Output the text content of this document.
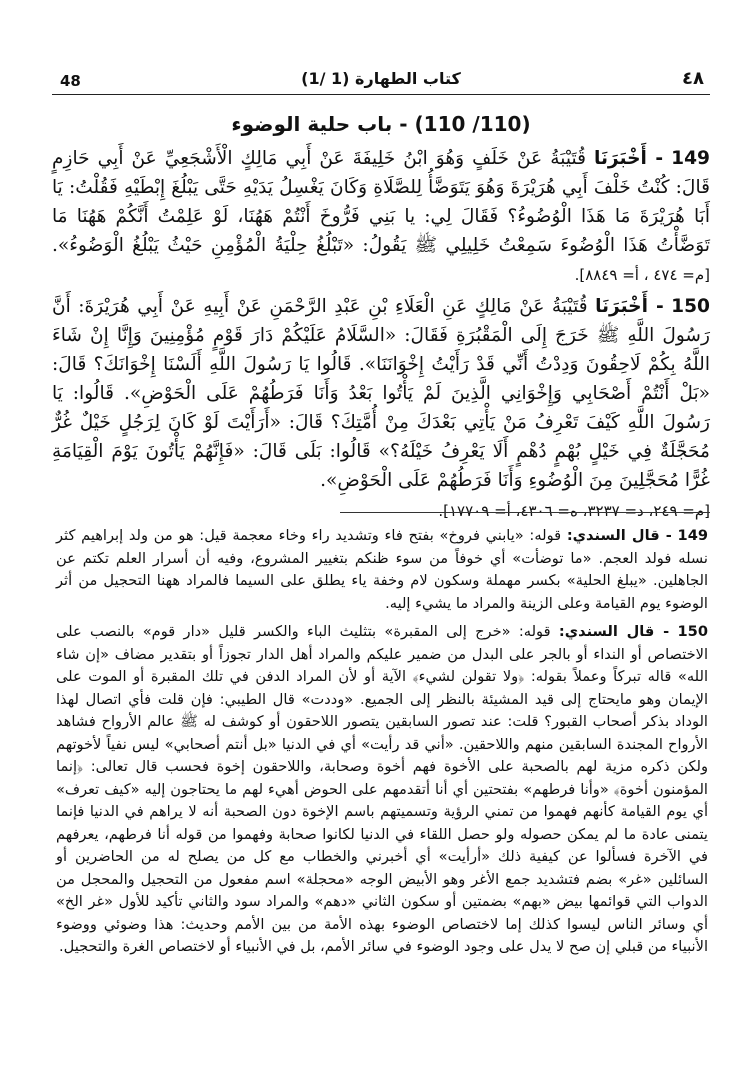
48	(1/ 1) كتاب الطهارة	٤٨
(110/ 110) - باب حلية الوضوء

149 - أَخْبَرَنَا قُتَيْبَةُ عَنْ خَلَفٍ وَهُوَ ابْنُ خَلِيفَةَ عَنْ أَبِي مَالِكٍ الْأَشْجَعِيِّ عَنْ أَبِي حَازِمٍ قَالَ: كُنْتُ خَلْفَ أَبِي هُرَيْرَةَ وَهُوَ يَتَوَضَّأُ لِلصَّلَاةِ وَكَانَ يَغْسِلُ يَدَيْهِ حَتَّى يَبْلُغَ إِبْطَيْهِ فَقُلْتُ: يَا أَبَا هُرَيْرَةَ مَا هَذَا الْوُضُوءُ؟ فَقَالَ لِي: يا بَنِي فَرُّوخَ أَنْتُمْ هَهُنَا، لَوْ عَلِمْتُ أَنَّكُمْ هَهُنَا مَا تَوَضَّأْتُ هَذَا الْوُضُوءَ سَمِعْتُ خَلِيلِي ﷺ يَقُولُ: «تَبْلُغُ حِلْيَةُ الْمُؤْمِنِ حَيْثُ يَبْلُغُ الْوَضُوءُ». [م= ٤٧٤ ، أ= ٨٨٤٩].

150 - أَخْبَرَنَا قُتَيْبَةُ عَنْ مَالِكٍ عَنِ الْعَلَاءِ بْنِ عَبْدِ الرَّحْمَنِ عَنْ أَبِيهِ عَنْ أَبِي هُرَيْرَةَ: أَنَّ رَسُولَ اللَّهِ ﷺ خَرَجَ إِلَى الْمَقْبُرَةِ فَقَالَ: «السَّلَامُ عَلَيْكُمْ دَارَ قَوْمٍ مُؤْمِنِينَ وَإِنَّا إِنْ شَاءَ اللَّهُ بِكُمْ لَاحِقُونَ وَدِدْتُ أَنِّي قَدْ رَأَيْتُ إِخْوَانَنَا». قَالُوا يَا رَسُولَ اللَّهِ أَلَسْنَا إِخْوَانَكَ؟ قَالَ: «بَلْ أَنْتُمْ أَصْحَابِي وَإِخْوَانِي الَّذِينَ لَمْ يَأْتُوا بَعْدُ وَأَنَا فَرَطُهُمْ عَلَى الْحَوْضِ». قَالُوا: يَا رَسُولَ اللَّهِ كَيْفَ تَعْرِفُ مَنْ يَأْتِي بَعْدَكَ مِنْ أُمَّتِكَ؟ قَالَ: «أَرَأَيْتَ لَوْ كَانَ لِرَجُلٍ خَيْلٌ غُرٌّ مُحَجَّلَةٌ فِي خَيْلٍ بُهْمٍ دُهْمٍ أَلَا يَعْرِفُ خَيْلَهُ؟» قَالُوا: بَلَى قَالَ: «فَإِنَّهُمْ يَأْتُونَ يَوْمَ الْقِيَامَةِ غُرًّا مُحَجَّلِينَ مِنَ الْوُضُوءِ وَأَنَا فَرَطُهُمْ عَلَى الْحَوْضِ».

[م= ٢٤٩، د= ٣٢٣٧، ه= ٤٣٠٦، أ= ١٧٧٠٩].

149 - قال السندي: قوله: «يابني فروخ» بفتح فاء وتشديد راء وخاء معجمة قيل: هو من ولد إبراهيم كثر نسله فولد العجم. «ما توضأت» أي خوفاً من سوء ظنكم بتغيير المشروع، وفيه أن أسرار العلم تكتم عن الجاهلين. «يبلغ الحلية» بكسر مهملة وسكون لام وخفة ياء يطلق على السيما فالمراد ههنا التحجيل من أثر الوضوء يوم القيامة وعلى الزينة والمراد ما يشيء إليه.

150 - قال السندي: قوله: «خرج إلى المقبرة» بتثليث الباء والكسر قليل «دار قوم» بالنصب على الاختصاص أو النداء أو بالجر على البدل من ضمير عليكم والمراد أهل الدار تجوزاً أو بتقدير مضاف «إن شاء الله» قاله تبركاً وعملاً بقوله: ﴿ولا تقولن لشيء﴾ الآية أو لأن المراد الدفن في تلك المقبرة أو الموت على الإيمان وهو مايحتاج إلى قيد المشيئة بالنظر إلى الجميع. «وددت» قال الطيبي: فإن قلت فأي اتصال لهذا الوداد بذكر أصحاب القبور؟ قلت: عند تصور السابقين يتصور اللاحقون أو كوشف له ﷺ عالم الأرواح فشاهد الأرواح المجندة السابقين منهم واللاحقين. «أني قد رأيت» أي في الدنيا «بل أنتم أصحابي» ليس نفياً لأخوتهم ولكن ذكره مزية لهم بالصحبة على الأخوة فهم أخوة وصحابة، واللاحقون إخوة فحسب قال تعالى: ﴿إنما المؤمنون أخوة﴾ «وأنا فرطهم» بفتحتين أي أنا أتقدمهم على الحوض أهيء لهم ما يحتاجون إليه «كيف تعرف» أي يوم القيامة كأنهم فهموا من تمني الرؤية وتسميتهم باسم الإخوة دون الصحبة أنه لا يراهم في الدنيا فإنما يتمنى عادة ما لم يمكن حصوله ولو حصل اللقاء في الدنيا لكانوا صحابة وفهموا من قوله أنا فرطهم، يعرفهم في الآخرة فسألوا عن كيفية ذلك «أرأيت» أي أخبرني والخطاب مع كل من يصلح له من الحاضرين أو السائلين «غر» بضم فتشديد جمع الأغر وهو الأبيض الوجه «محجلة» اسم مفعول من التحجيل والمحجل من الدواب التي قوائمها بيض «بهم» بضمتين أو سكون الثاني «دهم» والمراد سود والثاني تأكيد للأول «غر الخ» أي وسائر الناس ليسوا كذلك إما لاختصاص الوضوء بهذه الأمة من بين الأمم وحديث: هذا وضوئي ووضوء الأنبياء من قبلي إن صح لا يدل على وجود الوضوء في سائر الأمم، بل في الأنبياء أو لاختصاص الغرة والتحجيل.
